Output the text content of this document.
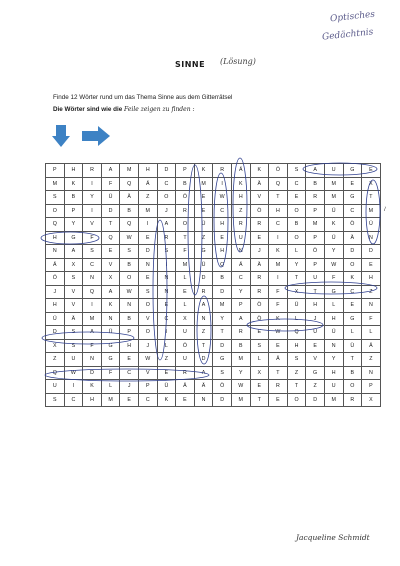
Optisches
Gedächtnis
SINNE (Lösung)
Finde 12 Wörter rund um das Thema Sinne aus dem Gitterrätsel
Die Wörter sind wie die Feile zeigen zu finden :
P	H	R	A	M	H	D	P	K	R	Ä	K	Ö	S	A	U	G	E
M	K	I	F	Q	Ä	C	B	M	I	K	Ä	Q	C	B	M	E	X
S	B	Y	Ü	Ä	Z	O	Ö	E	W	H	V	T	E	R	M	G	T
O	P	I	D	B	M	J	R	E	C	Z	Ö	H	O	P	Ü	C	M
Q	Y	V	T	Q	I	A	O	Ü	H	R	R	C	B	M	K	Ö	Ü
H	G	F	Q	W	E	R	T	Z	E	U	E	I	O	P	Ü	Ä	N
N	A	S	E	S	D	S	F	G	H	N	J	K	L	Ö	Y	D	D
Ä	X	C	V	B	N	I	M	Ü	Q	Ä	Ä	M	Y	P	W	O	E
Ö	S	N	X	O	E	N	L	D	B	C	R	I	T	U	F	K	H
J	V	Q	A	W	S	N	E	R	D	Y	R	F	X	T	G	C	Z
H	V	I	K	N	O	E	L	A	M	P	Ö	F	Ü	H	L	E	N
Ü	Ä	M	N	B	V	C	X	N	Y	A	Ö	K	L	J	H	G	F
D	S	A	Ü	P	O	I	U	Z	T	R	E	W	Q	Ü	Ü	L	L
X	S	F	G	H	J	L	Ö	T	D	B	S	E	H	E	N	Ü	Ä
Z	U	N	G	E	W	Z	U	D	G	M	L	Ä	S	V	Y	T	Z
Q	W	D	F	C	V	E	R	A	S	Y	X	T	Z	G	H	B	N
U	I	K	L	J	P	Ü	Ä	Ä	Ö	W	E	R	T	Z	U	O	P
S	C	H	M	E	C	K	E	N	D	M	T	E	O	D	M	R	X
≀
Jacqueline Schmidt
